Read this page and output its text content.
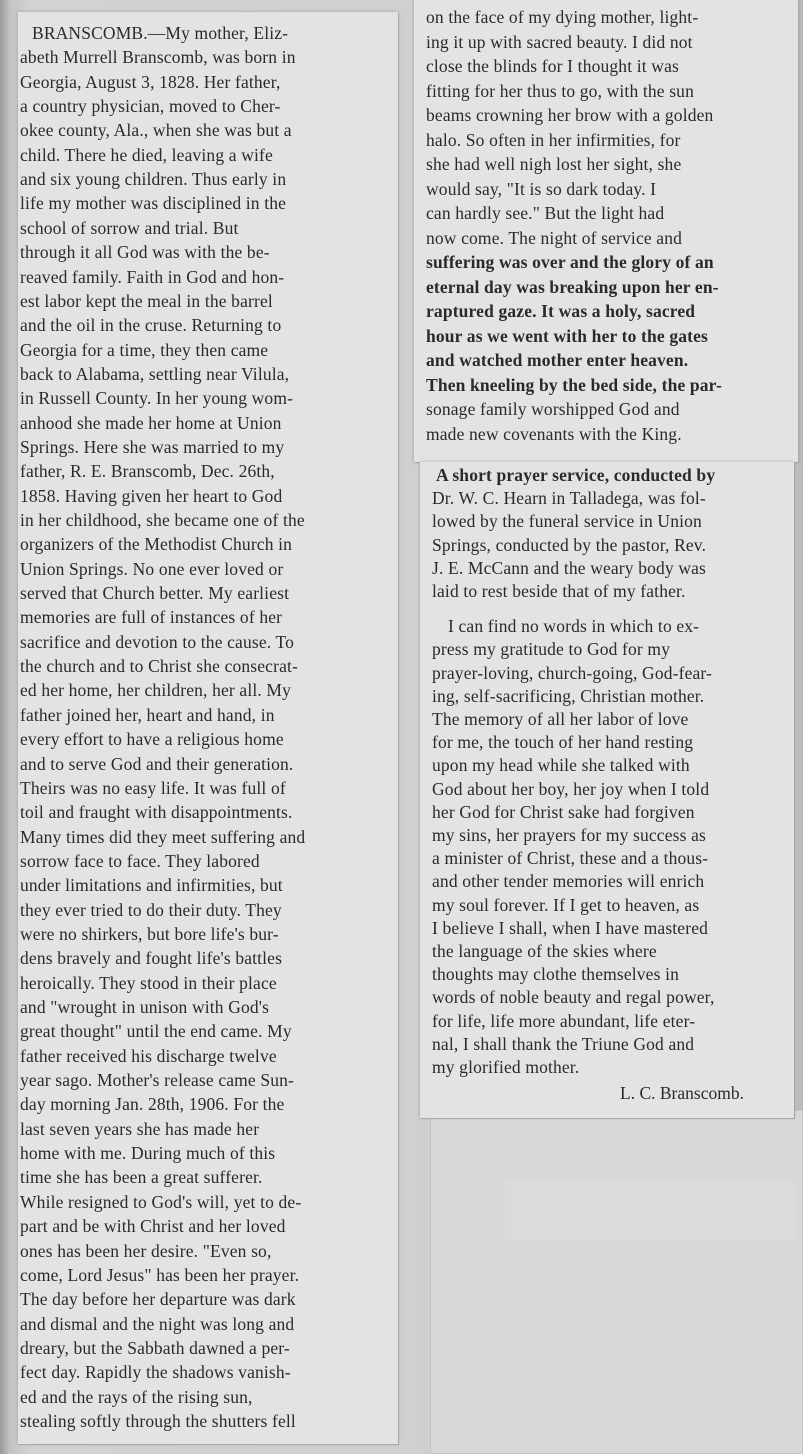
BRANSCOMB.—My mother, Eliz-
abeth Murrell Branscomb, was born in
Georgia, August 3, 1828. Her father,
a country physician, moved to Cher-
okee county, Ala., when she was but a
child. There he died, leaving a wife
and six young children. Thus early in
life my mother was disciplined in the
school of sorrow and trial. But
through it all God was with the be-
reaved family. Faith in God and hon-
est labor kept the meal in the barrel
and the oil in the cruse. Returning to
Georgia for a time, they then came
back to Alabama, settling near Vilula,
in Russell County. In her young wom-
anhood she made her home at Union
Springs. Here she was married to my
father, R. E. Branscomb, Dec. 26th,
1858. Having given her heart to God
in her childhood, she became one of the
organizers of the Methodist Church in
Union Springs. No one ever loved or
served that Church better. My earliest
memories are full of instances of her
sacrifice and devotion to the cause. To
the church and to Christ she consecrat-
ed her home, her children, her all. My
father joined her, heart and hand, in
every effort to have a religious home
and to serve God and their generation.
Theirs was no easy life. It was full of
toil and fraught with disappointments.
Many times did they meet suffering and
sorrow face to face. They labored
under limitations and infirmities, but
they ever tried to do their duty. They
were no shirkers, but bore life's bur-
dens bravely and fought life's battles
heroically. They stood in their place
and "wrought in unison with God's
great thought" until the end came. My
father received his discharge twelve
year sago. Mother's release came Sun-
day morning Jan. 28th, 1906. For the
last seven years she has made her
home with me. During much of this
time she has been a great sufferer.
While resigned to God's will, yet to de-
part and be with Christ and her loved
ones has been her desire. "Even so,
come, Lord Jesus" has been her prayer.
The day before her departure was dark
and dismal and the night was long and
dreary, but the Sabbath dawned a per-
fect day. Rapidly the shadows vanish-
ed and the rays of the rising sun,
stealing softly through the shutters fell
on the face of my dying mother, light-
ing it up with sacred beauty. I did not
close the blinds for I thought it was
fitting for her thus to go, with the sun
beams crowning her brow with a golden
halo. So often in her infirmities, for
she had well nigh lost her sight, she
would say, "It is so dark today. I
can hardly see." But the light had
now come. The night of service and
suffering was over and the glory of an
eternal day was breaking upon her en-
raptured gaze. It was a holy, sacred
hour as we went with her to the gates
and watched mother enter heaven.
Then kneeling by the bed side, the par-
sonage family worshipped God and
made new covenants with the King.
A short prayer service, conducted by
Dr. W. C. Hearn in Talladega, was fol-
lowed by the funeral service in Union
Springs, conducted by the pastor, Rev.
J. E. McCann and the weary body was
laid to rest beside that of my father.
I can find no words in which to ex-
press my gratitude to God for my
prayer-loving, church-going, God-fear-
ing, self-sacrificing, Christian mother.
The memory of all her labor of love
for me, the touch of her hand resting
upon my head while she talked with
God about her boy, her joy when I told
her God for Christ sake had forgiven
my sins, her prayers for my success as
a minister of Christ, these and a thous-
and other tender memories will enrich
my soul forever. If I get to heaven, as
I believe I shall, when I have mastered
the language of the skies where
thoughts may clothe themselves in
words of noble beauty and regal power,
for life, life more abundant, life eter-
nal, I shall thank the Triune God and
my glorified mother.
L. C. Branscomb.
